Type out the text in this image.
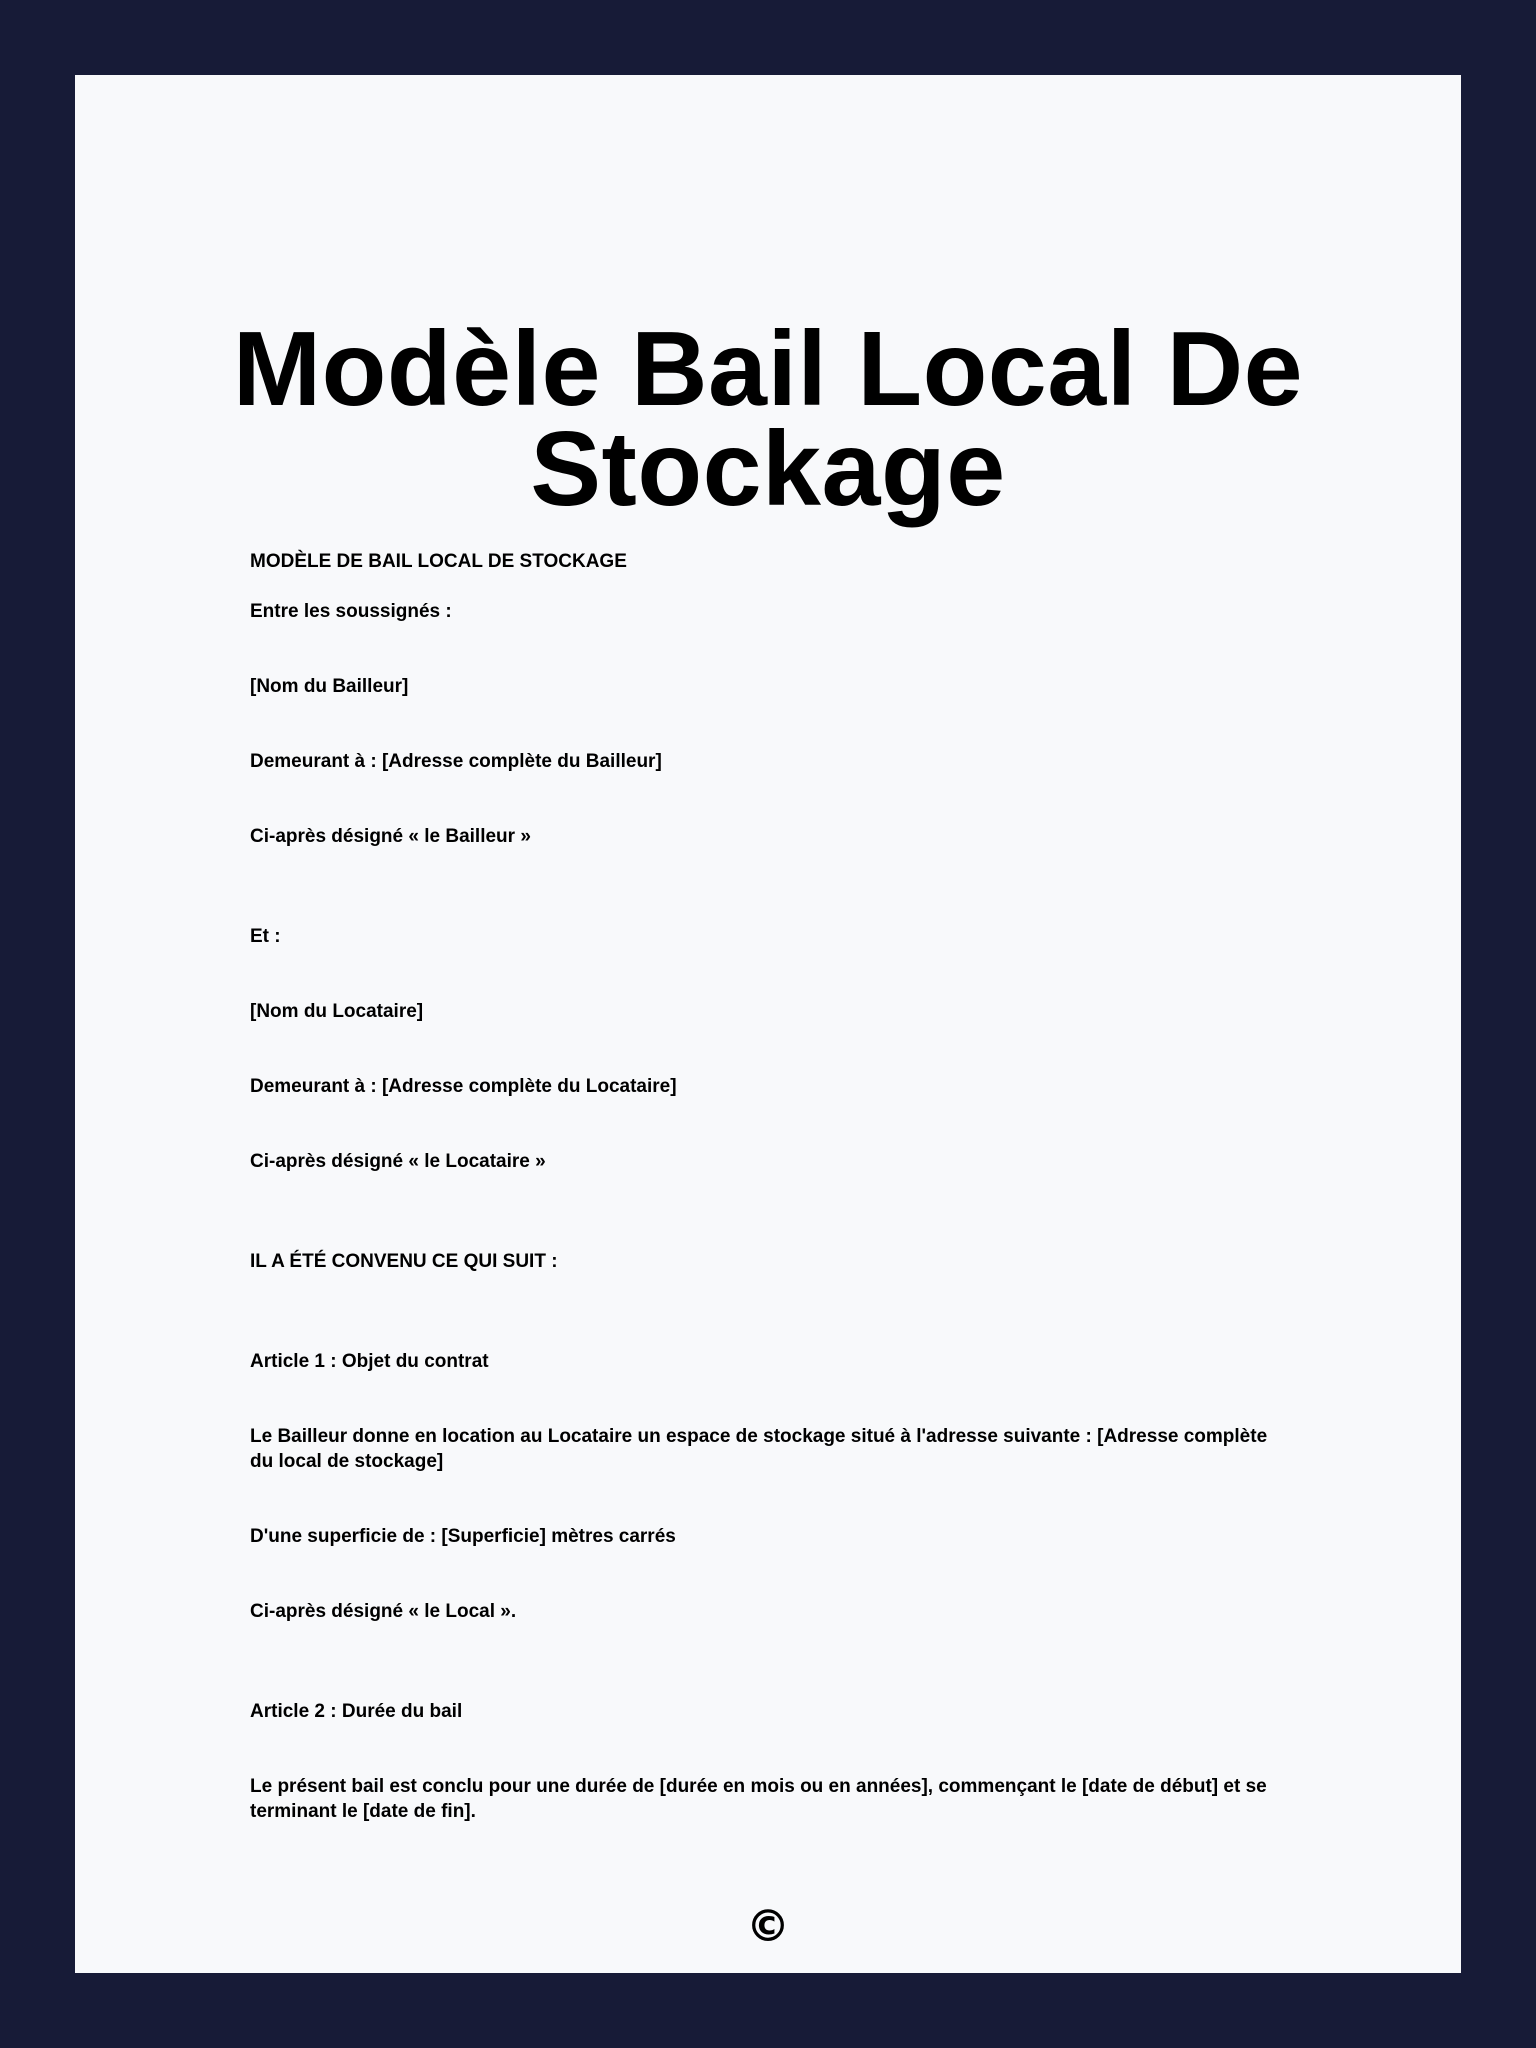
Modèle Bail Local De Stockage

MODÈLE DE BAIL LOCAL DE STOCKAGE

Entre les soussignés :

[Nom du Bailleur]

Demeurant à : [Adresse complète du Bailleur]

Ci-après désigné « le Bailleur »

Et :

[Nom du Locataire]

Demeurant à : [Adresse complète du Locataire]

Ci-après désigné « le Locataire »

IL A ÉTÉ CONVENU CE QUI SUIT :

Article 1 : Objet du contrat

Le Bailleur donne en location au Locataire un espace de stockage situé à l'adresse suivante : [Adresse complète du local de stockage]

D'une superficie de : [Superficie] mètres carrés

Ci-après désigné « le Local ».

Article 2 : Durée du bail

Le présent bail est conclu pour une durée de [durée en mois ou en années], commençant le [date de début] et se terminant le [date de fin].

©
